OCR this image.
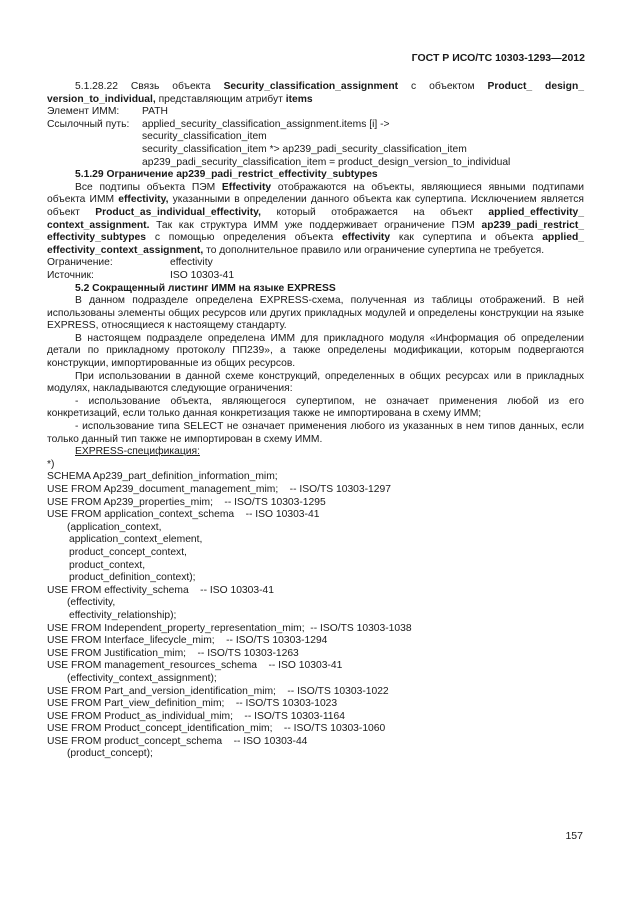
ГОСТ Р ИСО/ТС 10303-1293—2012

5.1.28.22 Связь объекта Security_classification_assignment с объектом Product_ design_ version_to_individual, представляющим атрибут items

Элемент ИММ:	PATH
Ссылочный путь:	applied_security_classification_assignment.items [i] ->
security_classification_item
security_classification_item *> ap239_padi_security_classification_item
ap239_padi_security_classification_item = product_design_version_to_individual

5.1.29 Ограничение ap239_padi_restrict_effectivity_subtypes

Все подтипы объекта ПЭМ Effectivity отображаются на объекты, являющиеся явными подтипами объекта ИММ effectivity, указанными в определении данного объекта как супертипа. Исключением является объект Product_as_individual_effectivity, который отображается на объект applied_effectivity_ context_assignment. Так как структура ИММ уже поддерживает ограничение ПЭМ ap239_padi_restrict_ effectivity_subtypes с помощью определения объекта effectivity как супертипа и объекта applied_ effectivity_context_assignment, то дополнительное правило или ограничение супертипа не требуется.

Ограничение:	effectivity
Источник:	ISO 10303-41

5.2 Сокращенный листинг ИММ на языке EXPRESS

В данном подразделе определена EXPRESS-схема, полученная из таблицы отображений. В ней использованы элементы общих ресурсов или других прикладных модулей и определены конструкции на языке EXPRESS, относящиеся к настоящему стандарту.

В настоящем подразделе определена ИММ для прикладного модуля «Информация об определении детали по прикладному протоколу ПП239», а также определены модификации, которым подвергаются конструкции, импортированные из общих ресурсов.

При использовании в данной схеме конструкций, определенных в общих ресурсах или в прикладных модулях, накладываются следующие ограничения:

- использование объекта, являющегося супертипом, не означает применения любой из его конкретизаций, если только данная конкретизация также не импортирована в схему ИММ;

- использование типа SELECT не означает применения любого из указанных в нем типов данных, если только данный тип также не импортирован в схему ИММ.

EXPRESS-спецификация:

*)
SCHEMA Ap239_part_definition_information_mim;
USE FROM Ap239_document_management_mim;    -- ISO/TS 10303-1297
USE FROM Ap239_properties_mim;    -- ISO/TS 10303-1295
USE FROM application_context_schema    -- ISO 10303-41
(application_context,
application_context_element,
product_concept_context,
product_context,
product_definition_context);
USE FROM effectivity_schema    -- ISO 10303-41
(effectivity,
effectivity_relationship);
USE FROM Independent_property_representation_mim;  -- ISO/TS 10303-1038
USE FROM Interface_lifecycle_mim;    -- ISO/TS 10303-1294
USE FROM Justification_mim;    -- ISO/TS 10303-1263
USE FROM management_resources_schema    -- ISO 10303-41
(effectivity_context_assignment);
USE FROM Part_and_version_identification_mim;    -- ISO/TS 10303-1022
USE FROM Part_view_definition_mim;    -- ISO/TS 10303-1023
USE FROM Product_as_individual_mim;    -- ISO/TS 10303-1164
USE FROM Product_concept_identification_mim;    -- ISO/TS 10303-1060
USE FROM product_concept_schema    -- ISO 10303-44
(product_concept);
157
